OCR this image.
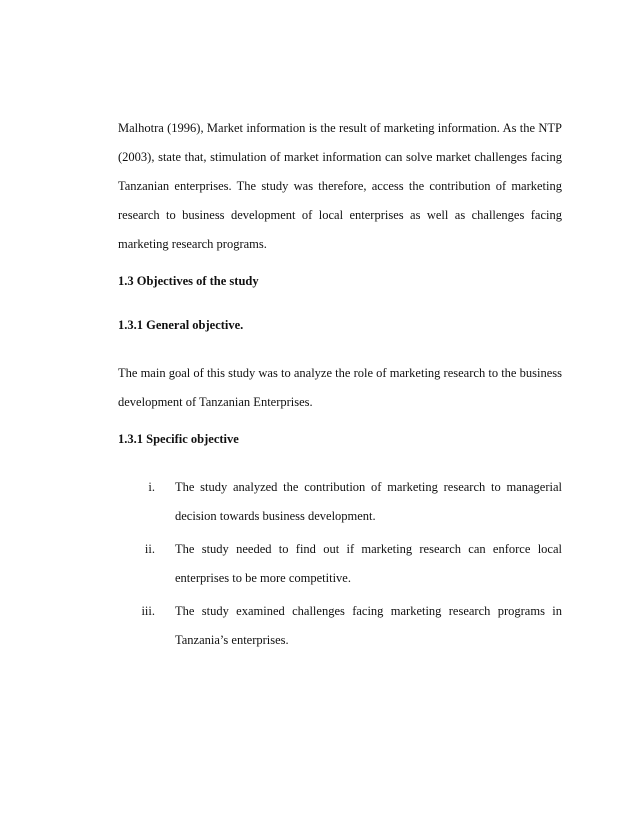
Malhotra (1996), Market information is the result of marketing information. As the NTP (2003), state that, stimulation of market information can solve market challenges facing Tanzanian enterprises. The study was therefore, access the contribution of marketing research to business development of local enterprises as well as challenges facing marketing research programs.

1.3 Objectives of the study
1.3.1 General objective.

The main goal of this study was to analyze the role of marketing research to the business development of Tanzanian Enterprises.

1.3.1 Specific objective
i. The study analyzed the contribution of marketing research to managerial decision towards business development.
ii. The study needed to find out if marketing research can enforce local enterprises to be more competitive.
iii. The study examined challenges facing marketing research programs in Tanzania’s enterprises.
